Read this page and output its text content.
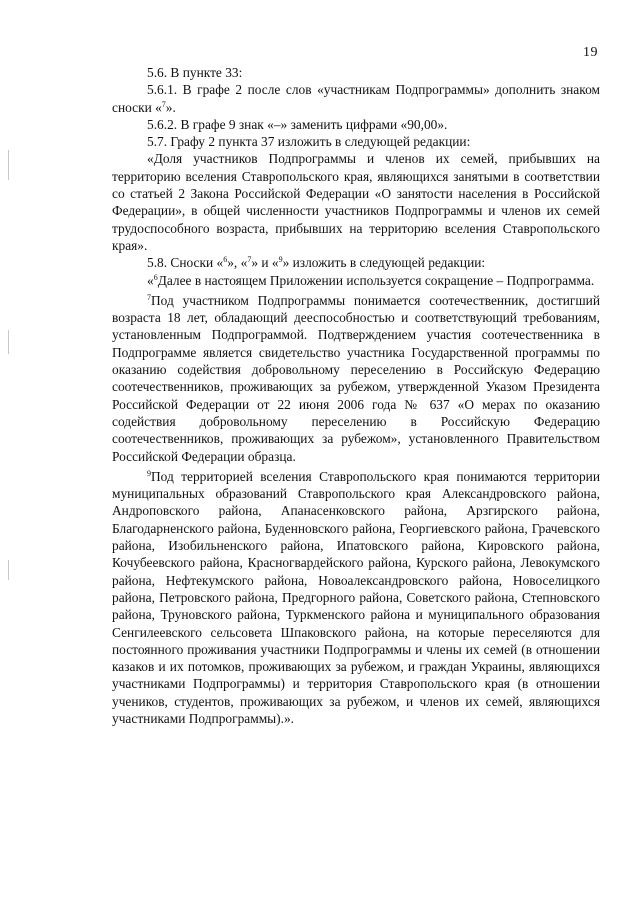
19

5.6. В пункте 33:

5.6.1. В графе 2 после слов «участникам Подпрограммы» дополнить знаком сноски «$^7$».

5.6.2. В графе 9 знак «–» заменить цифрами «90,00».

5.7. Графу 2 пункта 37 изложить в следующей редакции:

«Доля участников Подпрограммы и членов их семей, прибывших на территорию вселения Ставропольского края, являющихся занятыми в соответствии со статьей 2 Закона Российской Федерации «О занятости населения в Российской Федерации», в общей численности участников Подпрограммы и членов их семей трудоспособного возраста, прибывших на территорию вселения Ставропольского края».

5.8. Сноски «$^6$», «$^7$» и «$^9$» изложить в следующей редакции:

«$^6$Далее в настоящем Приложении используется сокращение – Подпрограмма.

$^7$Под участником Подпрограммы понимается соотечественник, достигший возраста 18 лет, обладающий дееспособностью и соответствующий требованиям, установленным Подпрограммой. Подтверждением участия соотечественника в Подпрограмме является свидетельство участника Государственной программы по оказанию содействия добровольному переселению в Российскую Федерацию соотечественников, проживающих за рубежом, утвержденной Указом Президента Российской Федерации от 22 июня 2006 года № 637 «О мерах по оказанию содействия добровольному переселению в Российскую Федерацию соотечественников, проживающих за рубежом», установленного Правительством Российской Федерации образца.

$^9$Под территорией вселения Ставропольского края понимаются территории муниципальных образований Ставропольского края Александровского района, Андроповского района, Апанасенковского района, Арзгирского района, Благодарненского района, Буденновского района, Георгиевского района, Грачевского района, Изобильненского района, Ипатовского района, Кировского района, Кочубеевского района, Красногвардейского района, Курского района, Левокумского района, Нефтекумского района, Новоалександровского района, Новоселицкого района, Петровского района, Предгорного района, Советского района, Степновского района, Труновского района, Туркменского района и муниципального образования Сенгилеевского сельсовета Шпаковского района, на которые переселяются для постоянного проживания участники Подпрограммы и члены их семей (в отношении казаков и их потомков, проживающих за рубежом, и граждан Украины, являющихся участниками Подпрограммы) и территория Ставропольского края (в отношении учеников, студентов, проживающих за рубежом, и членов их семей, являющихся участниками Подпрограммы).».
